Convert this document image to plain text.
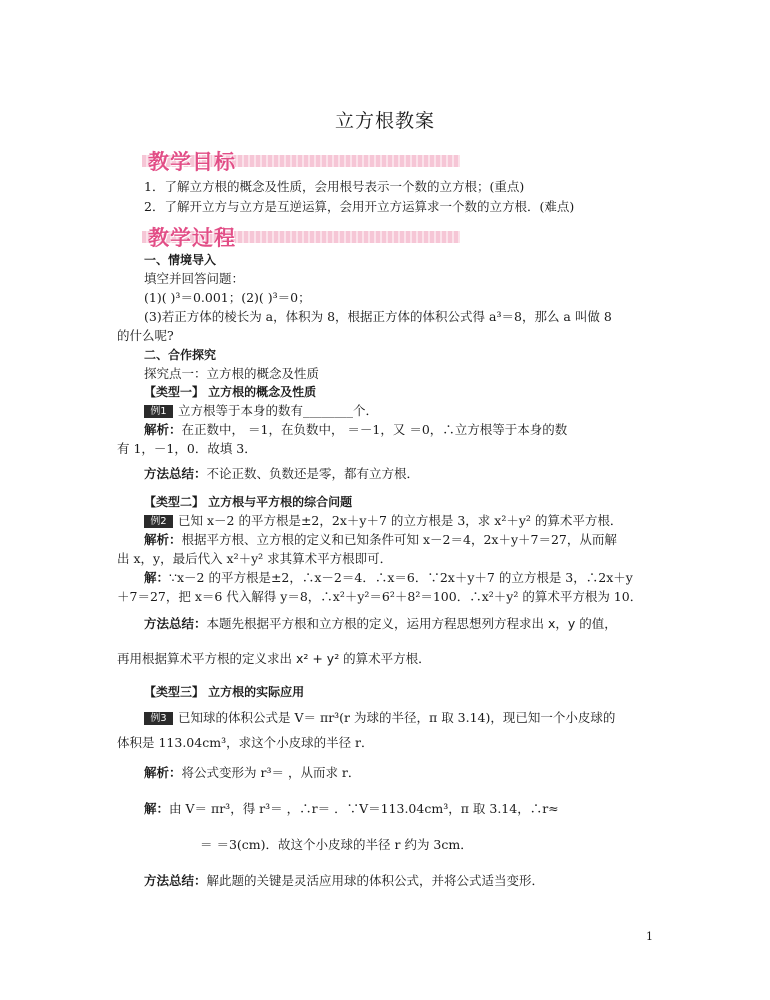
立方根教案
教学目标
1．了解立方根的概念及性质，会用根号表示一个数的立方根；(重点)
2．了解开立方与立方是互逆运算，会用开立方运算求一个数的立方根．(难点)
教学过程
一、情境导入
填空并回答问题：
(1)( )³＝0.001；(2)( )³＝0；
(3)若正方体的棱长为 a，体积为 8，根据正方体的体积公式得 a³＝8，那么 a 叫做 8
的什么呢?
二、合作探究
探究点一：立方根的概念及性质
【类型一】 立方根的概念及性质
例1 立方根等于本身的数有________个．
解析：在正数中， ＝1，在负数中， ＝－1，又 ＝0，∴立方根等于本身的数
有 1，－1，0．故填 3．
方法总结：不论正数、负数还是零，都有立方根．
【类型二】 立方根与平方根的综合问题
例2 已知 x－2 的平方根是±2，2x＋y＋7 的立方根是 3，求 x²＋y² 的算术平方根．
解析：根据平方根、立方根的定义和已知条件可知 x－2＝4，2x＋y＋7＝27，从而解
出 x，y，最后代入 x²＋y² 求其算术平方根即可．
解：∵x－2 的平方根是±2，∴x－2＝4．∴x＝6．∵2x＋y＋7 的立方根是 3，∴2x＋y
＋7＝27，把 x＝6 代入解得 y＝8，∴x²＋y²＝6²＋8²＝100．∴x²＋y² 的算术平方根为 10．
方法总结：本题先根据平方根和立方根的定义，运用方程思想列方程求出 x，y 的值，
再用根据算术平方根的定义求出 x² + y² 的算术平方根．
【类型三】 立方根的实际应用
例3 已知球的体积公式是 V＝ πr³(r 为球的半径，π 取 3.14)，现已知一个小皮球的
体积是 113.04cm³，求这个小皮球的半径 r．
解析：将公式变形为 r³＝ ，从而求 r．
解：由 V＝ πr³，得 r³＝ ，∴r＝ ．∵V＝113.04cm³，π 取 3.14，∴r≈
＝ ＝3(cm)．故这个小皮球的半径 r 约为 3cm．
方法总结：解此题的关键是灵活应用球的体积公式，并将公式适当变形．
1
